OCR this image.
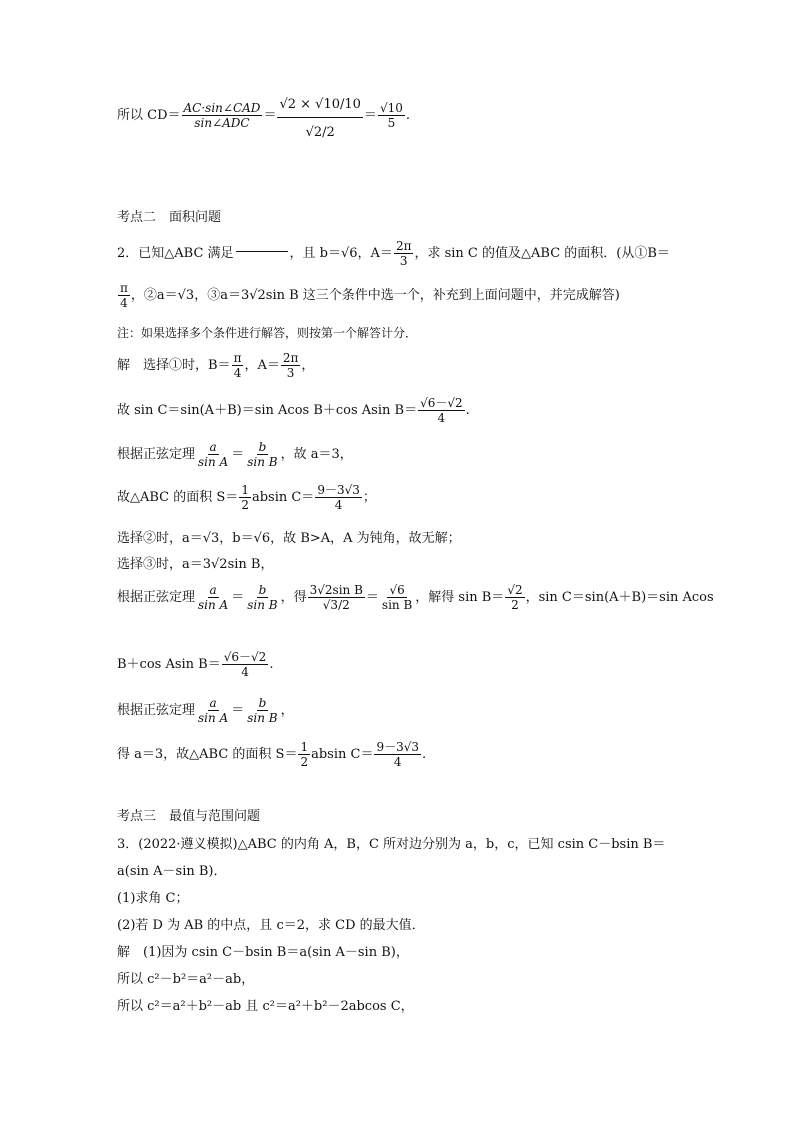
所以 $CD= \frac{\text{AC·sin∠CAD}}{\text{sin∠ADC}} = \frac{√2 \times √10/10}{√2/2} = \frac{√10}{5}$ .
考点二　面积问题
2．已知△ABC 满足	，且 b＝√6，$A= \frac{2\pi}{3}$ ，求 sin C 的值及△ABC 的面积．(从①B＝
$\frac{\pi}{4}$ ，②a＝√3，③a＝3√2sin B 这三个条件中选一个，补充到上面问题中，并完成解答)
注：如果选择多个条件进行解答，则按第一个解答计分．
解　选择①时，$B= \frac{\pi}{4}$ ，$A= \frac{2\pi}{3}$ ，
故 sin C＝sin(A＋B)＝sin Acos B＋cos Asin $B= \frac{√6-√2}{4}$ .
根据正弦定理 $\frac{a}{\text{sin A}} = \frac{b}{\text{sin B}}$ ，故 a＝3，
故△ABC 的面积 $S= \frac{1}{2}$ absin $C= \frac{9-3√3}{4}$ ；
选择②时，a＝√3，b＝√6，故 B>A，A 为钝角，故无解；
选择③时，a＝3√2sin B，
根据正弦定理 $\frac{a}{\text{sin A}} = \frac{b}{\text{sin B}}$ ，得 $\frac{\text{3√2sin B}}{√3/2} = \frac{√6}{\text{sin B}}$ ，解得 $\sin B= \frac{√2}{2}$ ，sin C＝sin(A＋B)＝sin Acos
B＋cos Asin $B= \frac{√6-√2}{4}$ .
根据正弦定理 $\frac{a}{\text{sin A}} = \frac{b}{\text{sin B}}$ ，
得 a＝3，故△ABC 的面积 $S= \frac{1}{2}$ absin $C= \frac{9-3√3}{4}$ .
考点三　最值与范围问题
3．(2022·遵义模拟)△ABC 的内角 A，B，C 所对边分别为 a，b，c，已知 csin C－bsin B＝
a(sin A－sin B)．
(1)求角 C；
(2)若 D 为 AB 的中点，且 c＝2，求 CD 的最大值．
解　(1)因为 csin C－bsin B＝a(sin A－sin B)，
所以 c²－b²＝a²－ab，
所以 c²＝a²＋b²－ab 且 c²＝a²＋b²－2abcos C，
